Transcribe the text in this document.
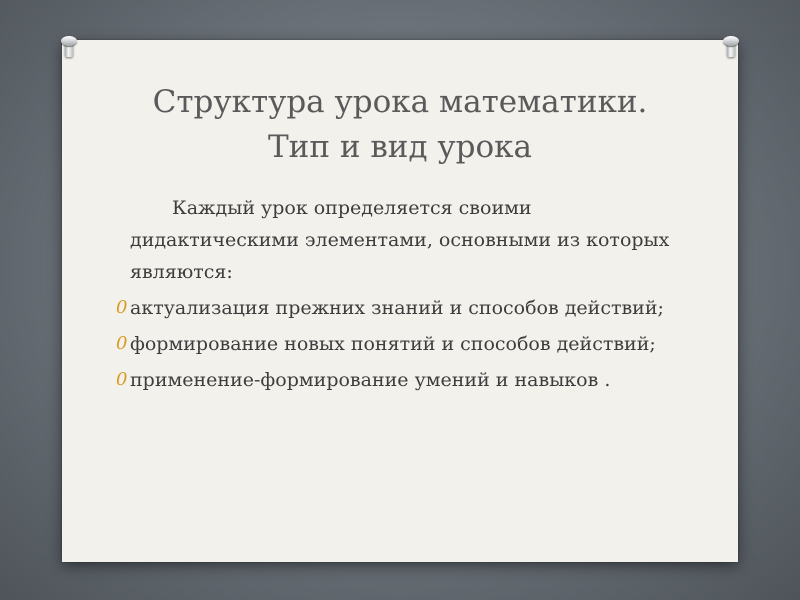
Структура урока математики.
Тип и вид урока

Каждый урок определяется своими дидактическими элементами, основными из которых являются:

0 актуализация прежних знаний и способов действий;
0 формирование новых понятий и способов действий;
0 применение-формирование умений и навыков .
